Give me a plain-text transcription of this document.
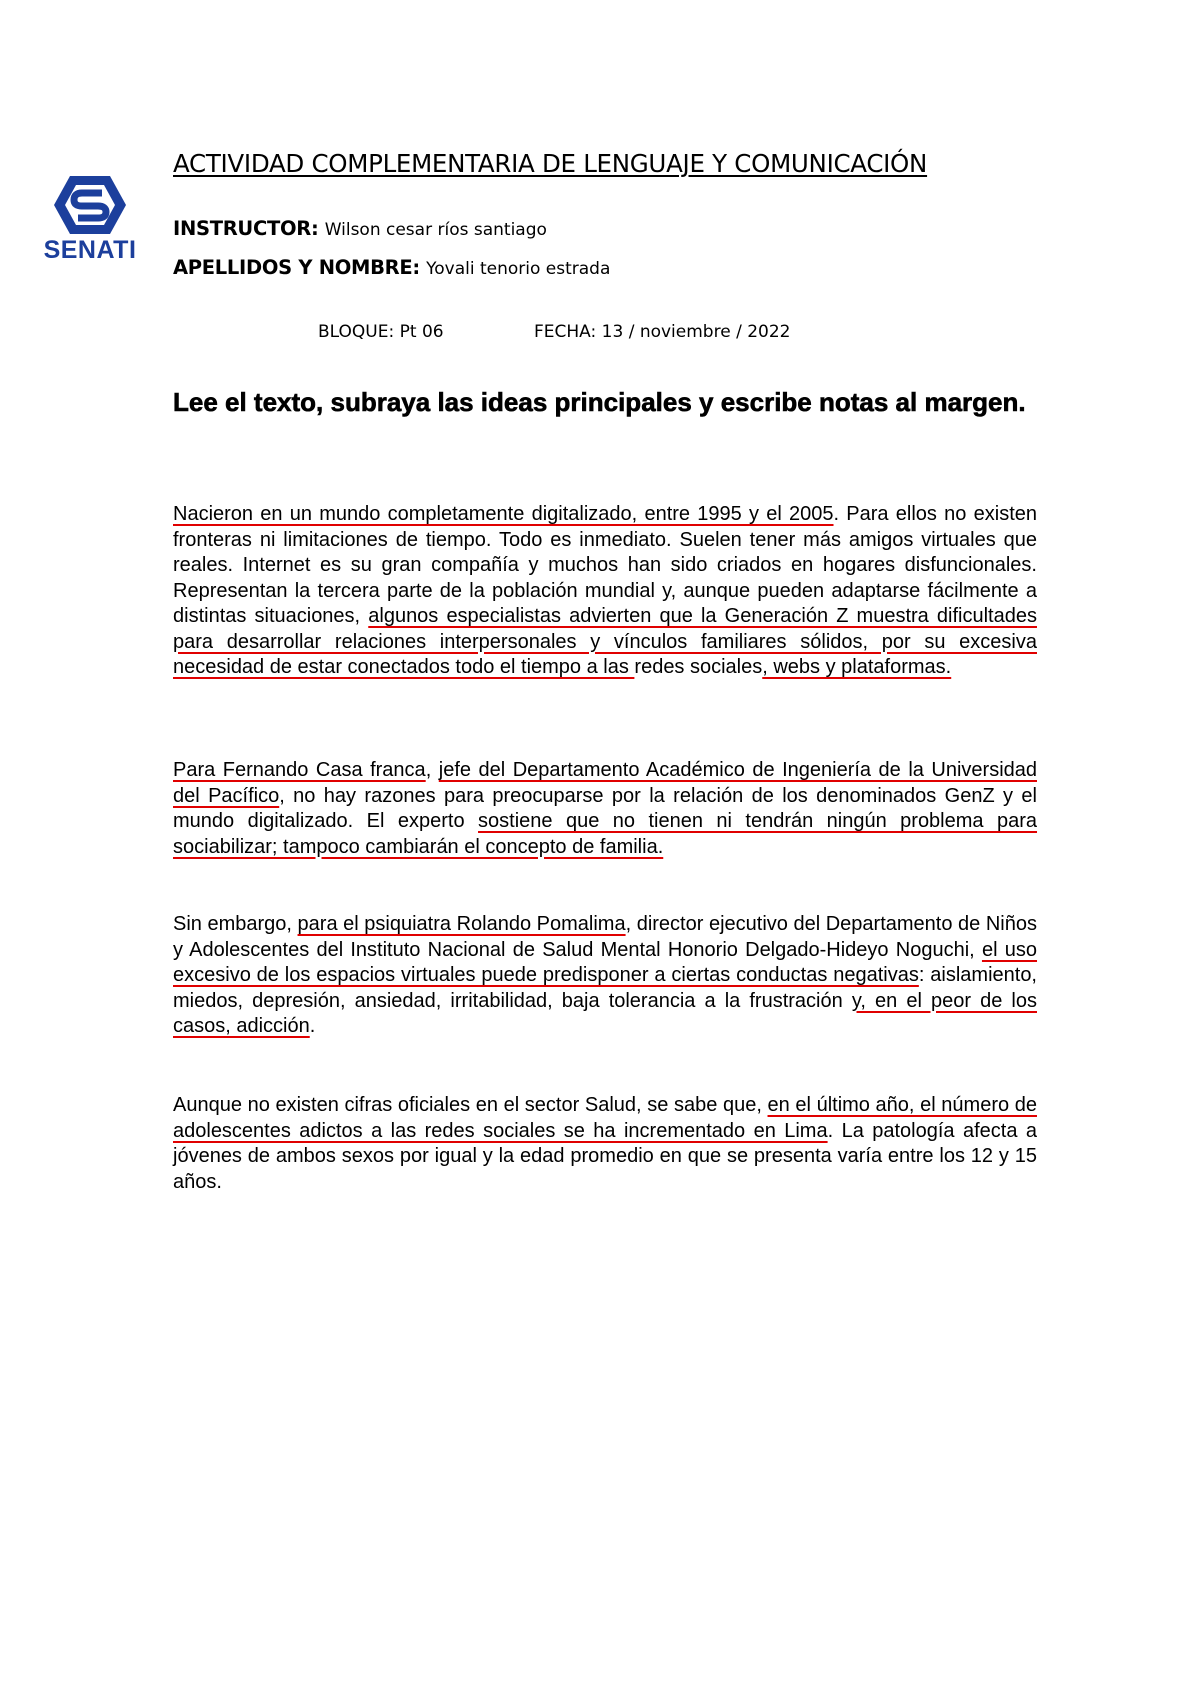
SENATI
ACTIVIDAD COMPLEMENTARIA DE LENGUAJE Y COMUNICACIÓN
INSTRUCTOR: Wilson cesar ríos santiago
APELLIDOS Y NOMBRE: Yovali tenorio estrada
BLOQUE: Pt 06	FECHA: 13 / noviembre / 2022
Lee el texto, subraya las ideas principales y escribe notas al margen.
Nacieron en un mundo completamente digitalizado, entre 1995 y el 2005. Para ellos no existen fronteras ni limitaciones de tiempo. Todo es inmediato. Suelen tener más amigos virtuales que reales. Internet es su gran compañía y muchos han sido criados en hogares disfuncionales. Representan la tercera parte de la población mundial y, aunque pueden adaptarse fácilmente a distintas situaciones, algunos especialistas advierten que la Generación Z muestra dificultades para desarrollar relaciones interpersonales y vínculos familiares sólidos, por su excesiva necesidad de estar conectados todo el tiempo a las redes sociales, webs y plataformas.
Para Fernando Casa franca, jefe del Departamento Académico de Ingeniería de la Universidad del Pacífico, no hay razones para preocuparse por la relación de los denominados GenZ y el mundo digitalizado. El experto sostiene que no tienen ni tendrán ningún problema para sociabilizar; tampoco cambiarán el concepto de familia.
Sin embargo, para el psiquiatra Rolando Pomalima, director ejecutivo del Departamento de Niños y Adolescentes del Instituto Nacional de Salud Mental Honorio Delgado-Hideyo Noguchi, el uso excesivo de los espacios virtuales puede predisponer a ciertas conductas negativas: aislamiento, miedos, depresión, ansiedad, irritabilidad, baja tolerancia a la frustración y, en el peor de los casos, adicción.
Aunque no existen cifras oficiales en el sector Salud, se sabe que, en el último año, el número de adolescentes adictos a las redes sociales se ha incrementado en Lima. La patología afecta a jóvenes de ambos sexos por igual y la edad promedio en que se presenta varía entre los 12 y 15 años.
